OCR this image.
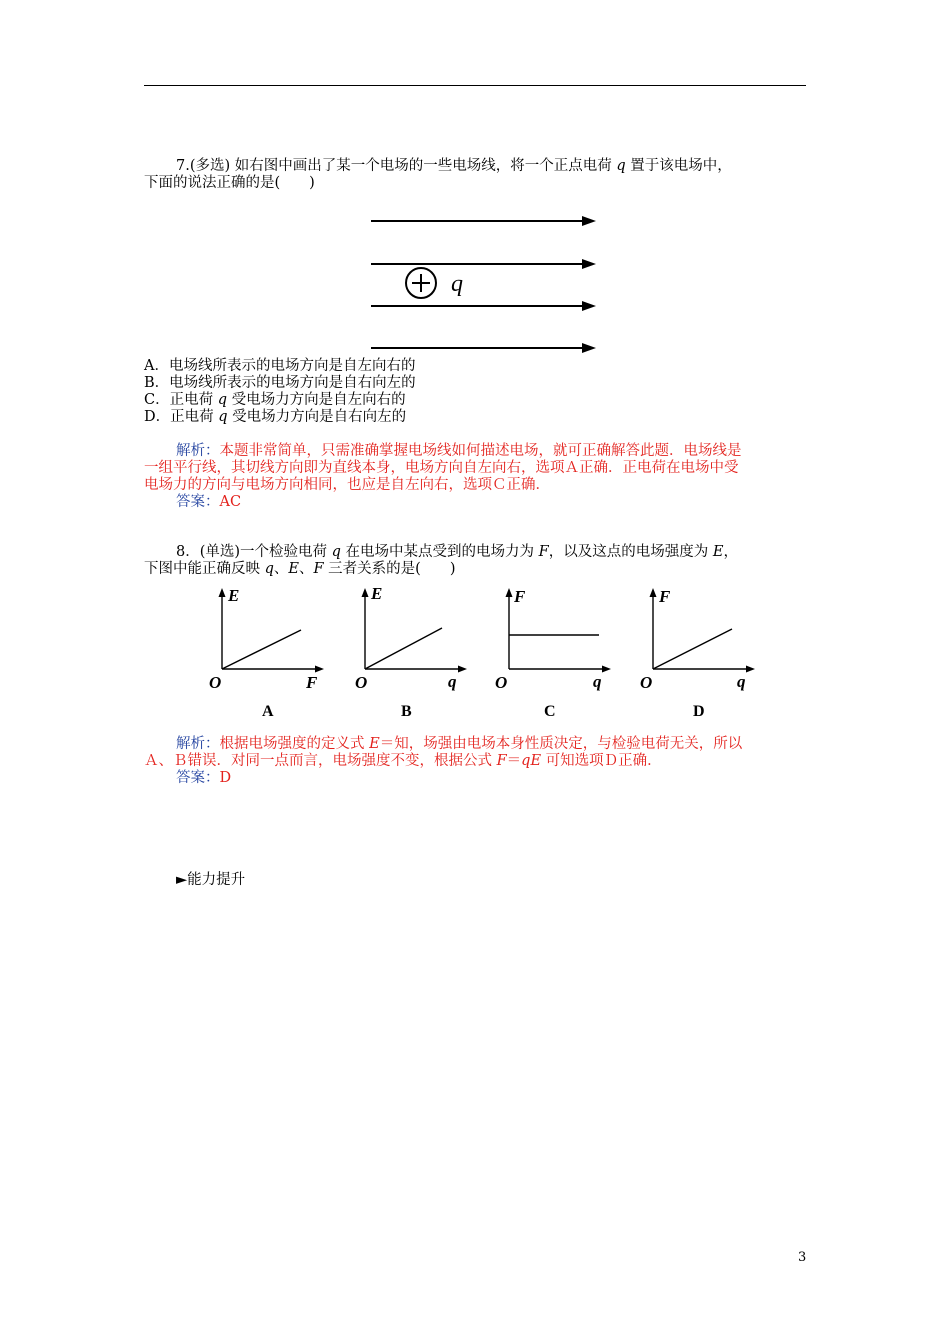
7.(多选) 如右图中画出了某一个电场的一些电场线，将一个正点电荷 q 置于该电场中，
下面的说法正确的是(　　)
q
A．电场线所表示的电场方向是自左向右的
B．电场线所表示的电场方向是自右向左的
C．正电荷 q 受电场力方向是自左向右的
D．正电荷 q 受电场力方向是自右向左的
解析：本题非常简单，只需准确掌握电场线如何描述电场，就可正确解答此题．电场线是
一组平行线，其切线方向即为直线本身，电场方向自左向右，选项Ａ正确．正电荷在电场中受
电场力的方向与电场方向相同，也应是自左向右，选项Ｃ正确．
答案：AC
8．(单选)一个检验电荷 q 在电场中某点受到的电场力为 F，以及这点的电场强度为 E，
下图中能正确反映 q、E、F 三者关系的是(　　)
E
F
O
A
E
q
O
B
F
q
O
C
F
q
O
D
解析：根据电场强度的定义式 E＝知，场强由电场本身性质决定，与检验电荷无关，所以
Ａ、Ｂ错误．对同一点而言，电场强度不变，根据公式 F＝qE 可知选项Ｄ正确．
答案：D
►能力提升
3
